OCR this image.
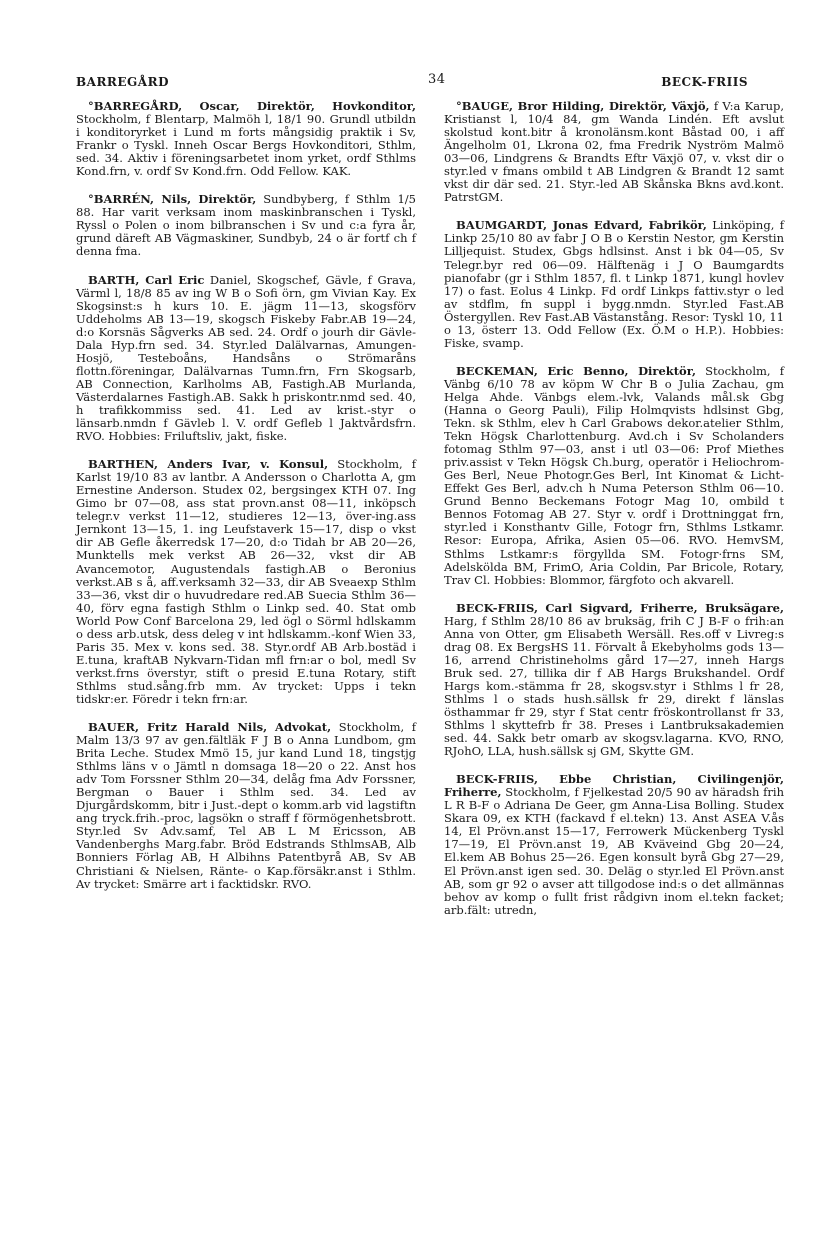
BARREGÅRD	34	BECK-FRIIS

°BARREGÅRD, Oscar, Direktör, Hovkonditor, Stockholm, f Blentarp, Malmöh l, 18/1 90. Grundl utbildn i konditoryrket i Lund m forts mångsidig praktik i Sv, Frankr o Tyskl. Inneh Oscar Bergs Hovkonditori, Sthlm, sed. 34. Aktiv i föreningsarbetet inom yrket, ordf Sthlms Kond.frn, v. ordf Sv Kond.frn. Odd Fellow. KAK.

°BARRÉN, Nils, Direktör, Sundbyberg, f Sthlm 1/5 88. Har varit verksam inom maskinbranschen i Tyskl, Ryssl o Polen o inom bilbranschen i Sv und c:a fyra år, grund däreft AB Vägmaskiner, Sundbyb, 24 o är fortf ch f denna fma.

BARTH, Carl Eric Daniel, Skogschef, Gävle, f Grava, Värml l, 18/8 85 av ing W B o Sofi örn, gm Vivian Kay. Ex Skogsinst:s h kurs 10. E. jägm 11—13, skogsförv Uddeholms AB 13—19, skogsch Fiskeby Fabr.AB 19—24, d:o Korsnäs Sågverks AB sed. 24. Ordf o jourh dir Gävle-Dala Hyp.frn sed. 34. Styr.led Dalälvarnas, Amungen-Hosjö, Testeboåns, Handsåns o Strömaråns flottn.föreningar, Dalälvarnas Tumn.frn, Frn Skogsarb, AB Connection, Karlholms AB, Fastigh.AB Murlanda, Västerdalarnes Fastigh.AB. Sakk h priskontr.nmd sed. 40, h trafikkommiss sed. 41. Led av krist.-styr o länsarb.nmdn f Gävleb l. V. ordf Gefleb l Jaktvårdsfrn. RVO. Hobbies: Friluftsliv, jakt, fiske.

BARTHEN, Anders Ivar, v. Konsul, Stockholm, f Karlst 19/10 83 av lantbr. A Andersson o Charlotta A, gm Ernestine Anderson. Studex 02, bergsingex KTH 07. Ing Gimo br 07—08, ass stat provn.anst 08—11, inköpsch telegr.v verkst 11—12, studieres 12—13, över-ing.ass Jernkont 13—15, 1. ing Leufstaverk 15—17, disp o vkst dir AB Gefle åkerredsk 17—20, d:o Tidah br AB 20—26, Munktells mek verkst AB 26—32, vkst dir AB Avancemotor, Augustendals fastigh.AB o Beronius verkst.AB s å, aff.verksamh 32—33, dir AB Sveaexp Sthlm 33—36, vkst dir o huvudredare red.AB Suecia Sthlm 36—40, förv egna fastigh Sthlm o Linkp sed. 40. Stat omb World Pow Conf Barcelona 29, led ögl o Sörml hdlskamm o dess arb.utsk, dess deleg v int hdlskamm.-konf Wien 33, Paris 35. Mex v. kons sed. 38. Styr.ordf AB Arb.bostäd i E.tuna, kraftAB Nykvarn-Tidan mfl frn:ar o bol, medl Sv verkst.frns överstyr, stift o presid E.tuna Rotary, stift Sthlms stud.sång.frb mm. Av trycket: Upps i tekn tidskr:er. Föredr i tekn frn:ar.

BAUER, Fritz Harald Nils, Advokat, Stockholm, f Malm 13/3 97 av gen.fältläk F J B o Anna Lundbom, gm Brita Leche. Studex Mmö 15, jur kand Lund 18, tingstjg Sthlms läns v o Jämtl n domsaga 18—20 o 22. Anst hos adv Tom Forssner Sthlm 20—34, delåg fma Adv Forssner, Bergman o Bauer i Sthlm sed. 34. Led av Djurgårdskomm, bitr i Just.-dept o komm.arb vid lagstiftn ang tryck.frih.-proc, lagsökn o straff f förmögenhetsbrott. Styr.led Sv Adv.samf, Tel AB L M Ericsson, AB Vandenberghs Marg.fabr. Bröd Edstrands SthlmsAB, Alb Bonniers Förlag AB, H Albihns Patentbyrå AB, Sv AB Christiani & Nielsen, Ränte- o Kap.försäkr.anst i Sthlm. Av trycket: Smärre art i facktidskr. RVO.

°BAUGE, Bror Hilding, Direktör, Växjö, f V:a Karup, Kristianst l, 10/4 84, gm Wanda Lindén. Eft avslut skolstud kont.bitr å kronolänsm.kont Båstad 00, i aff Ängelholm 01, Lkrona 02, fma Fredrik Nyström Malmö 03—06, Lindgrens & Brandts Eftr Växjö 07, v. vkst dir o styr.led v fmans ombild t AB Lindgren & Brandt 12 samt vkst dir där sed. 21. Styr.-led AB Skånska Bkns avd.kont. PatrstGM.

BAUMGARDT, Jonas Edvard, Fabrikör, Linköping, f Linkp 25/10 80 av fabr J O B o Kerstin Nestor, gm Kerstin Lilljequist. Studex, Gbgs hdlsinst. Anst i bk 04—05, Sv Telegr.byr red 06—09. Hälftenäg i J O Baumgardts pianofabr (gr i Sthlm 1857, fl. t Linkp 1871, kungl hovlev 17) o fast. Eolus 4 Linkp. Fd ordf Linkps fattiv.styr o led av stdflm, fn suppl i bygg.nmdn. Styr.led Fast.AB Östergyllen. Rev Fast.AB Västanstång. Resor: Tyskl 10, 11 o 13, österr 13. Odd Fellow (Ex. Ö.M o H.P.). Hobbies: Fiske, svamp.

BECKEMAN, Eric Benno, Direktör, Stockholm, f Vänbg 6/10 78 av köpm W Chr B o Julia Zachau, gm Helga Ahde. Vänbgs elem.-lvk, Valands mål.sk Gbg (Hanna o Georg Pauli), Filip Holmqvists hdlsinst Gbg, Tekn. sk Sthlm, elev h Carl Grabows dekor.atelier Sthlm, Tekn Högsk Charlottenburg. Avd.ch i Sv Scholanders fotomag Sthlm 97—03, anst i utl 03—06: Prof Miethes priv.assist v Tekn Högsk Ch.burg, operatör i Heliochrom-Ges Berl, Neue Photogr.Ges Berl, Int Kinomat & Licht-Effekt Ges Berl, adv.ch h Numa Peterson Sthlm 06—10. Grund Benno Beckemans Fotogr Mag 10, ombild t Bennos Fotomag AB 27. Styr v. ordf i Drottninggat frn, styr.led i Konsthantv Gille, Fotogr frn, Sthlms Lstkamr. Resor: Europa, Afrika, Asien 05—06. RVO. HemvSM, Sthlms Lstkamr:s förgyllda SM. Fotogr·frns SM, Adelsköldа BM, FrimO, Aria Coldin, Par Bricole, Rotary, Trav Cl. Hobbies: Blommor, färgfoto och akvarell.

BECK-FRIIS, Carl Sigvard, Friherre, Bruksägare, Harg, f Sthlm 28/10 86 av bruksäg, frih C J B-F o frih:an Anna von Otter, gm Elisabeth Wersäll. Res.off v Livreg:s drag 08. Ex BergsHS 11. Förvalt å Ekebyholms gods 13—16, arrend Christineholms gård 17—27, inneh Hargs Bruk sed. 27, tillika dir f AB Hargs Brukshandel. Ordf Hargs kom.-stämma fr 28, skogsv.styr i Sthlms l fr 28, Sthlms l o stads hush.sällsk fr 29, direkt f länslas östhammar fr 29, styr f Stat centr fröskontrollanst fr 33, Sthlms l skyttefrb fr 38. Preses i Lantbruksakademien sed. 44. Sakk betr omarb av skogsv.lagarna. KVO, RNO, RJohO, LLA, hush.sällsk sj GM, Skytte GM.

BECK-FRIIS, Ebbe Christian, Civilingenjör, Friherre, Stockholm, f Fjelkestad 20/5 90 av häradsh frih L R B-F o Adriana De Geer, gm Anna-Lisa Bolling. Studex Skara 09, ex KTH (fackavd f el.tekn) 13. Anst ASEA V.ås 14, El Prövn.anst 15—17, Ferrowerk Mückenberg Tyskl 17—19, El Prövn.anst 19, AB Kväveind Gbg 20—24, El.kem AB Bohus 25—26. Egen konsult byrå Gbg 27—29, El Prövn.anst igen sed. 30. Deläg o styr.led El Prövn.anst AB, som gr 92 o avser att tillgodose ind:s o det allmännas behov av komp o fullt frist rådgivn inom el.tekn facket; arb.fält: utredn,
